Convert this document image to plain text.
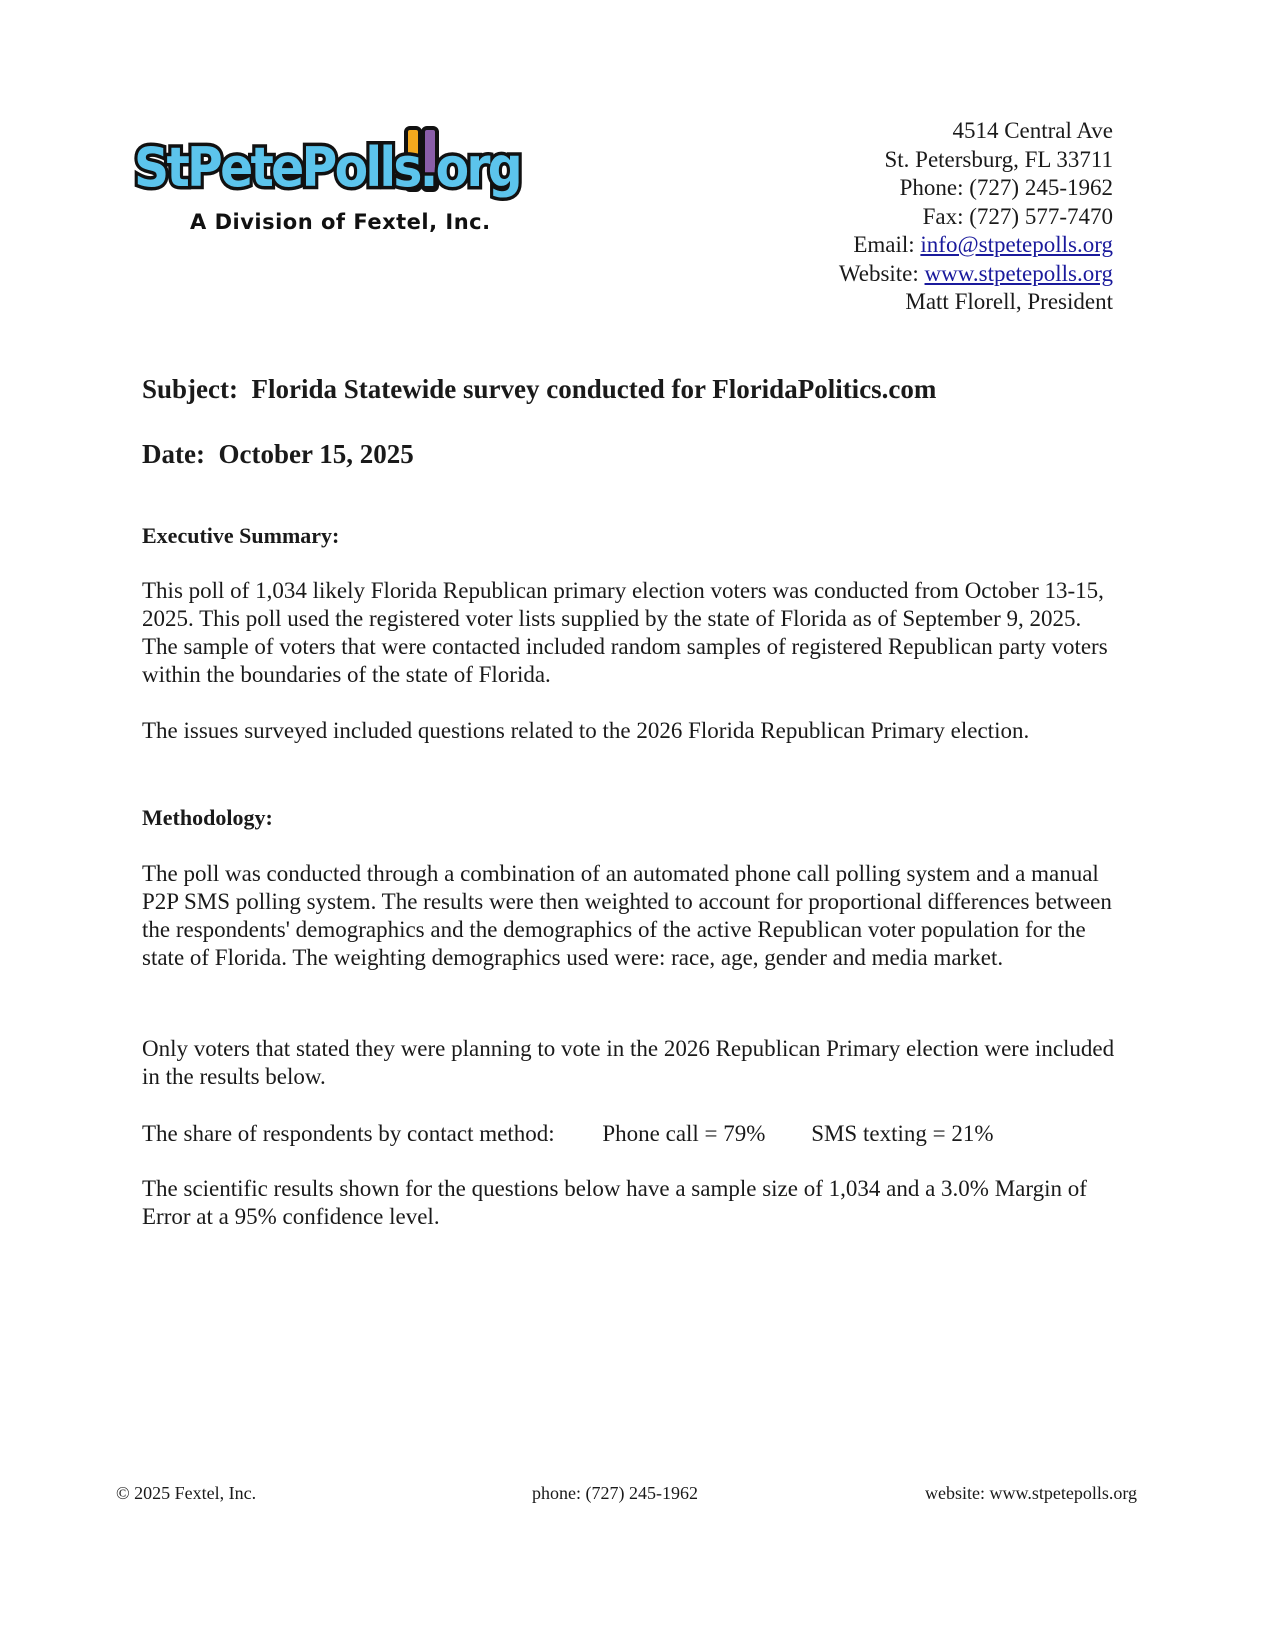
StPetePolls.org
A Division of Fextel, Inc.
4514 Central Ave
St. Petersburg, FL 33711
Phone: (727) 245-1962
Fax: (727) 577-7470
Email: info@stpetepolls.org
Website: www.stpetepolls.org
Matt Florell, President
Subject:  Florida Statewide survey conducted for FloridaPolitics.com
Date:  October 15, 2025
Executive Summary:
This poll of 1,034 likely Florida Republican primary election voters was conducted from October 13-15, 2025. This poll used the registered voter lists supplied by the state of Florida as of September 9, 2025. The sample of voters that were contacted included random samples of registered Republican party voters within the boundaries of the state of Florida.
The issues surveyed included questions related to the 2026 Florida Republican Primary election.
Methodology:
The poll was conducted through a combination of an automated phone call polling system and a manual P2P SMS polling system. The results were then weighted to account for proportional differences between the respondents' demographics and the demographics of the active Republican voter population for the state of Florida. The weighting demographics used were: race, age, gender and media market.
Only voters that stated they were planning to vote in the 2026 Republican Primary election were included in the results below.
The share of respondents by contact method: Phone call = 79% SMS texting = 21%
The scientific results shown for the questions below have a sample size of 1,034 and a 3.0% Margin of Error at a 95% confidence level.
© 2025 Fextel, Inc.	phone: (727) 245-1962	website: www.stpetepolls.org
